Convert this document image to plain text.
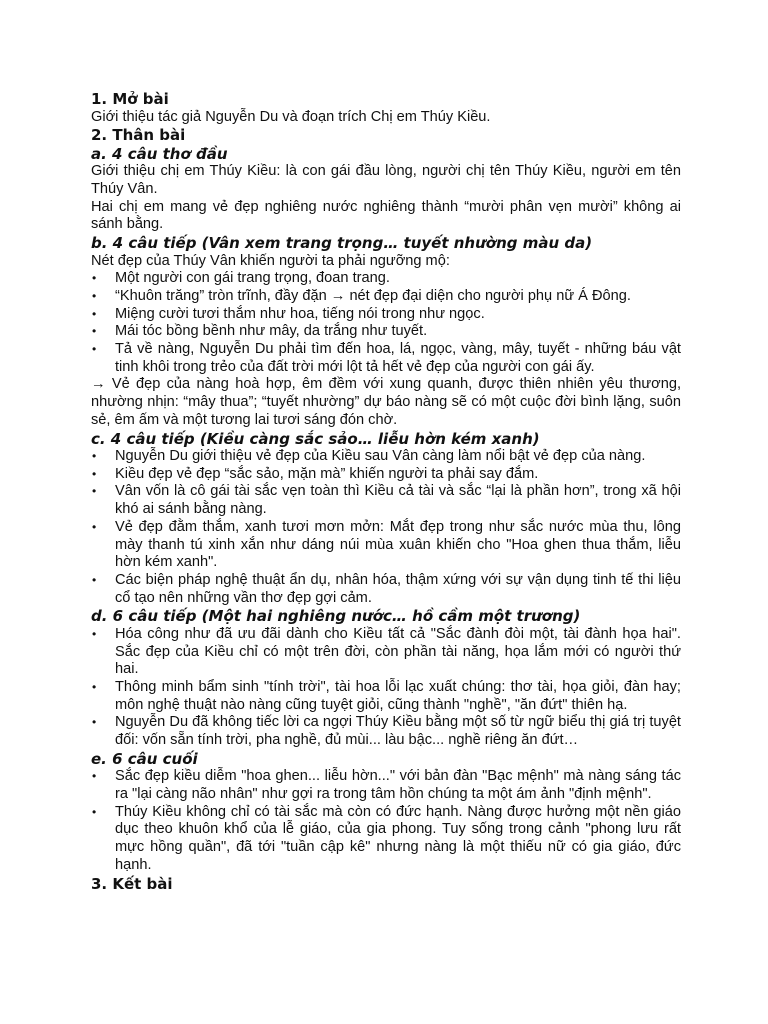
1. Mở bài

Giới thiệu tác giả Nguyễn Du và đoạn trích Chị em Thúy Kiều.

2. Thân bài
a. 4 câu thơ đầu

Giới thiệu chị em Thúy Kiều: là con gái đầu lòng, người chị tên Thúy Kiều, người em tên Thúy Vân.

Hai chị em mang vẻ đẹp nghiêng nước nghiêng thành “mười phân vẹn mười” không ai sánh bằng.

b. 4 câu tiếp (Vân xem trang trọng… tuyết nhường màu da)

Nét đẹp của Thúy Vân khiến người ta phải ngưỡng mộ:

• Một người con gái trang trọng, đoan trang.
• “Khuôn trăng” tròn trĩnh, đầy đặn → nét đẹp đại diện cho người phụ nữ Á Đông.
• Miệng cười tươi thắm như hoa, tiếng nói trong như ngọc.
• Mái tóc bồng bềnh như mây, da trắng như tuyết.
• Tả về nàng, Nguyễn Du phải tìm đến hoa, lá, ngọc, vàng, mây, tuyết - những báu vật tinh khôi trong trẻo của đất trời mới lột tả hết vẻ đẹp của người con gái ấy.

→ Vẻ đẹp của nàng hoà hợp, êm đềm với xung quanh, được thiên nhiên yêu thương, nhường nhịn: “mây thua”; “tuyết nhường” dự báo nàng sẽ có một cuộc đời bình lặng, suôn sẻ, êm ấm và một tương lai tươi sáng đón chờ.

c. 4 câu tiếp (Kiều càng sắc sảo… liễu hờn kém xanh)
• Nguyễn Du giới thiệu vẻ đẹp của Kiều sau Vân càng làm nổi bật vẻ đẹp của nàng.
• Kiều đẹp vẻ đẹp “sắc sảo, mặn mà” khiến người ta phải say đắm.
• Vân vốn là cô gái tài sắc vẹn toàn thì Kiều cả tài và sắc “lại là phần hơn”, trong xã hội khó ai sánh bằng nàng.
• Vẻ đẹp đằm thắm, xanh tươi mơn mởn: Mắt đẹp trong như sắc nước mùa thu, lông mày thanh tú xinh xắn như dáng núi mùa xuân khiến cho "Hoa ghen thua thắm, liễu hờn kém xanh".
• Các biện pháp nghệ thuật ẩn dụ, nhân hóa, thậm xứng với sự vận dụng tinh tế thi liệu cổ tạo nên những vần thơ đẹp gợi cảm.
d. 6 câu tiếp (Một hai nghiêng nước… hồ cầm một trương)
• Hóa công như đã ưu đãi dành cho Kiều tất cả "Sắc đành đòi một, tài đành họa hai". Sắc đẹp của Kiều chỉ có một trên đời, còn phần tài năng, họa lắm mới có người thứ hai.
• Thông minh bẩm sinh "tính trời", tài hoa lỗi lạc xuất chúng: thơ tài, họa giỏi, đàn hay; môn nghệ thuật nào nàng cũng tuyệt giỏi, cũng thành "nghề", "ăn đứt" thiên hạ.
• Nguyễn Du đã không tiếc lời ca ngợi Thúy Kiều bằng một số từ ngữ biểu thị giá trị tuyệt đối: vốn sẵn tính trời, pha nghề, đủ mùi... làu bậc... nghề riêng ăn đứt…
e. 6 câu cuối
• Sắc đẹp kiều diễm "hoa ghen... liễu hờn..." với bản đàn "Bạc mệnh" mà nàng sáng tác ra "lại càng não nhân" như gợi ra trong tâm hồn chúng ta một ám ảnh "định mệnh".
• Thúy Kiều không chỉ có tài sắc mà còn có đức hạnh. Nàng được hưởng một nền giáo dục theo khuôn khổ của lễ giáo, của gia phong. Tuy sống trong cảnh "phong lưu rất mực hồng quần", đã tới "tuần cập kê" nhưng nàng là một thiếu nữ có gia giáo, đức hạnh.
3. Kết bài
